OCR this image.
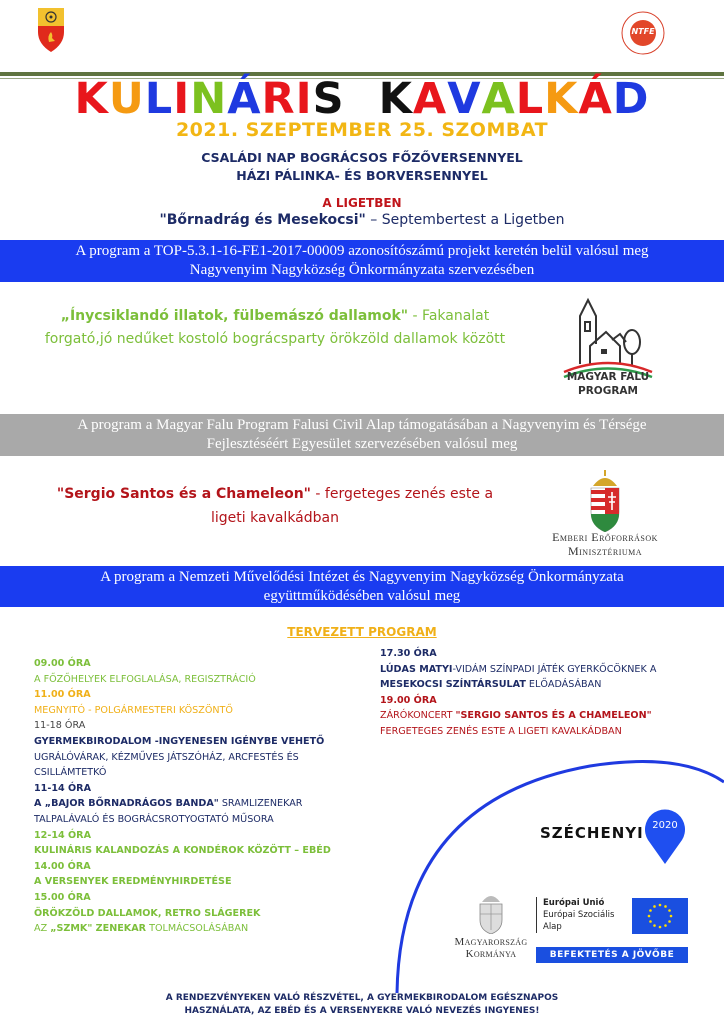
NTFE
KULINÁRIS KAVALKÁD
2021. SZEPTEMBER 25. SZOMBAT
CSALÁDI NAP BOGRÁCSOS FŐZŐVERSENNYEL
HÁZI PÁLINKA- ÉS BORVERSENNYEL
A LIGETBEN
"Bőrnadrág és Mesekocsi" – Septembertest a Ligetben
A program a TOP-5.3.1-16-FE1-2017-00009 azonosítószámú projekt keretén belül valósul meg
Nagyvenyim Nagyközség Önkormányzata szervezésében
„Ínycsiklandó illatok, fülbemászó dallamok" - Fakanalat forgató,jó nedűket kostoló bográcsparty örökzöld dallamok között
MAGYAR FALU
PROGRAM
A program a Magyar Falu Program Falusi Civil Alap támogatásában a Nagyvenyim és Térsége
Fejlesztéséért Egyesület szervezésében valósul meg
"Sergio Santos és a Chameleon" - fergeteges zenés este a ligeti kavalkádban
Emberi Erőforrások
Minisztériuma
A program a Nemzeti Művelődési Intézet és Nagyvenyim Nagyközség Önkormányzata
együttműködésében valósul meg
TERVEZETT PROGRAM
09.00 ÓRA
A FŐZŐHELYEK ELFOGLALÁSA, REGISZTRÁCIÓ
11.00 ÓRA
MEGNYITÓ - POLGÁRMESTERI KÖSZÖNTŐ
11-18 ÓRA
GYERMEKBIRODALOM -INGYENESEN IGÉNYBE VEHETŐ UGRÁLÓVÁRAK, KÉZMŰVES JÁTSZÓHÁZ, ARCFESTÉS ÉS CSILLÁMTETKÓ
11-14 ÓRA
A „BAJOR BŐRNADRÁGOS BANDA" SRAMLIZENEKAR TALPALÁVALÓ ÉS BOGRÁCSROTYOGTATÓ MŰSORA
12-14 ÓRA
KULINÁRIS KALANDOZÁS A KONDÉROK KÖZÖTT – EBÉD
14.00 ÓRA
A VERSENYEK EREDMÉNYHIRDETÉSE
15.00 ÓRA
ÖRÖKZÖLD DALLAMOK, RETRO SLÁGEREK
AZ „SZMK" ZENEKAR TOLMÁCSOLÁSÁBAN
17.30 ÓRA
LÚDAS MATYI-VIDÁM SZÍNPADI JÁTÉK GYERKŐCÖKNEK A MESEKOCSI SZÍNTÁRSULAT ELŐADÁSÁBAN
19.00 ÓRA
ZÁRÓKONCERT "SERGIO SANTOS ÉS A CHAMELEON" FERGETEGES ZENÉS ESTE A LIGETI KAVALKÁDBAN
SZÉCHENYI 2020
Magyarország
Kormánya
Európai Unió
Európai Szociális
Alap
BEFEKTETÉS A JÖVŐBE
A RENDEZVÉNYEKEN VALÓ RÉSZVÉTEL, A GYERMEKBIRODALOM EGÉSZNAPOS
HASZNÁLATA, AZ EBÉD ÉS A VERSENYEKRE VALÓ NEVEZÉS INGYENES!
